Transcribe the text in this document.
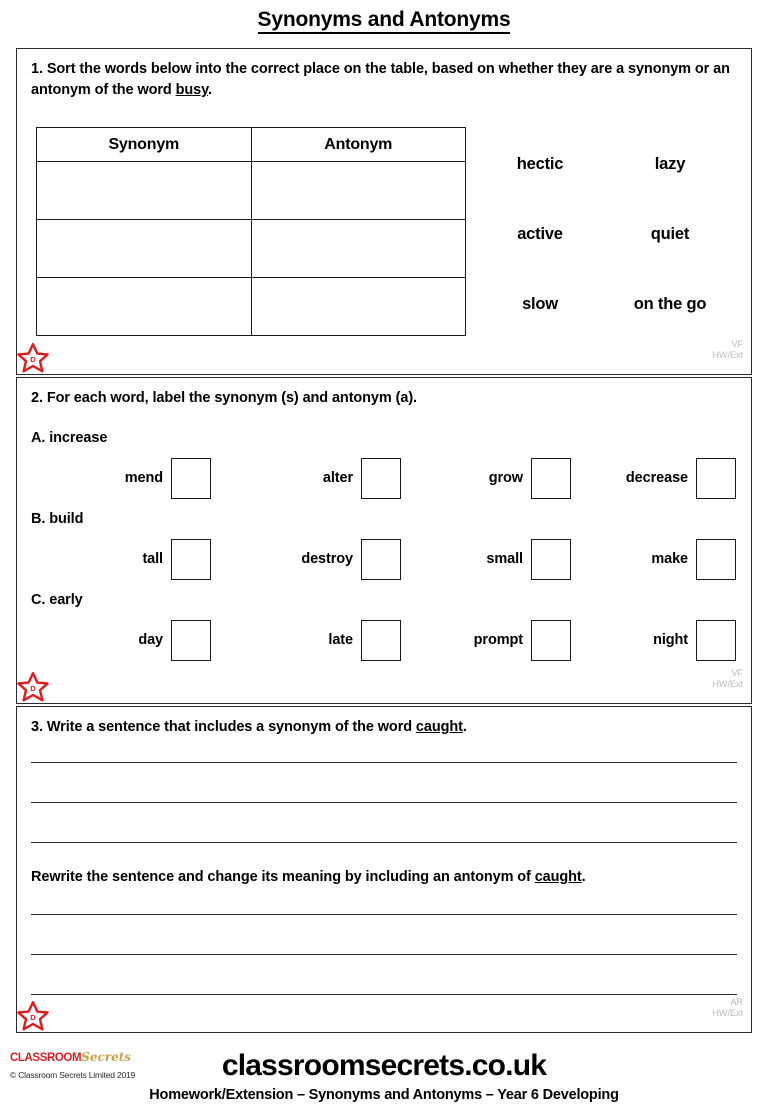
Synonyms and Antonyms
1. Sort the words below into the correct place on the table, based on whether they are a synonym or an antonym of the word busy.
Synonym	Antonym

hectic	lazy
active	quiet
slow	on the go
VF
HW/Ext
D
2. For each word, label the synonym (s) and antonym (a).
A. increase
mend	alter	grow	decrease
B. build
tall	destroy	small	make
C. early
day	late	prompt	night
VF
HW/Ext
D
3. Write a sentence that includes a synonym of the word caught.
Rewrite the sentence and change its meaning by including an antonym of caught.
AR
HW/Ext
D
CLASSROOMSecrets
© Classroom Secrets Limited 2019	classroomsecrets.co.uk
Homework/Extension – Synonyms and Antonyms – Year 6 Developing
